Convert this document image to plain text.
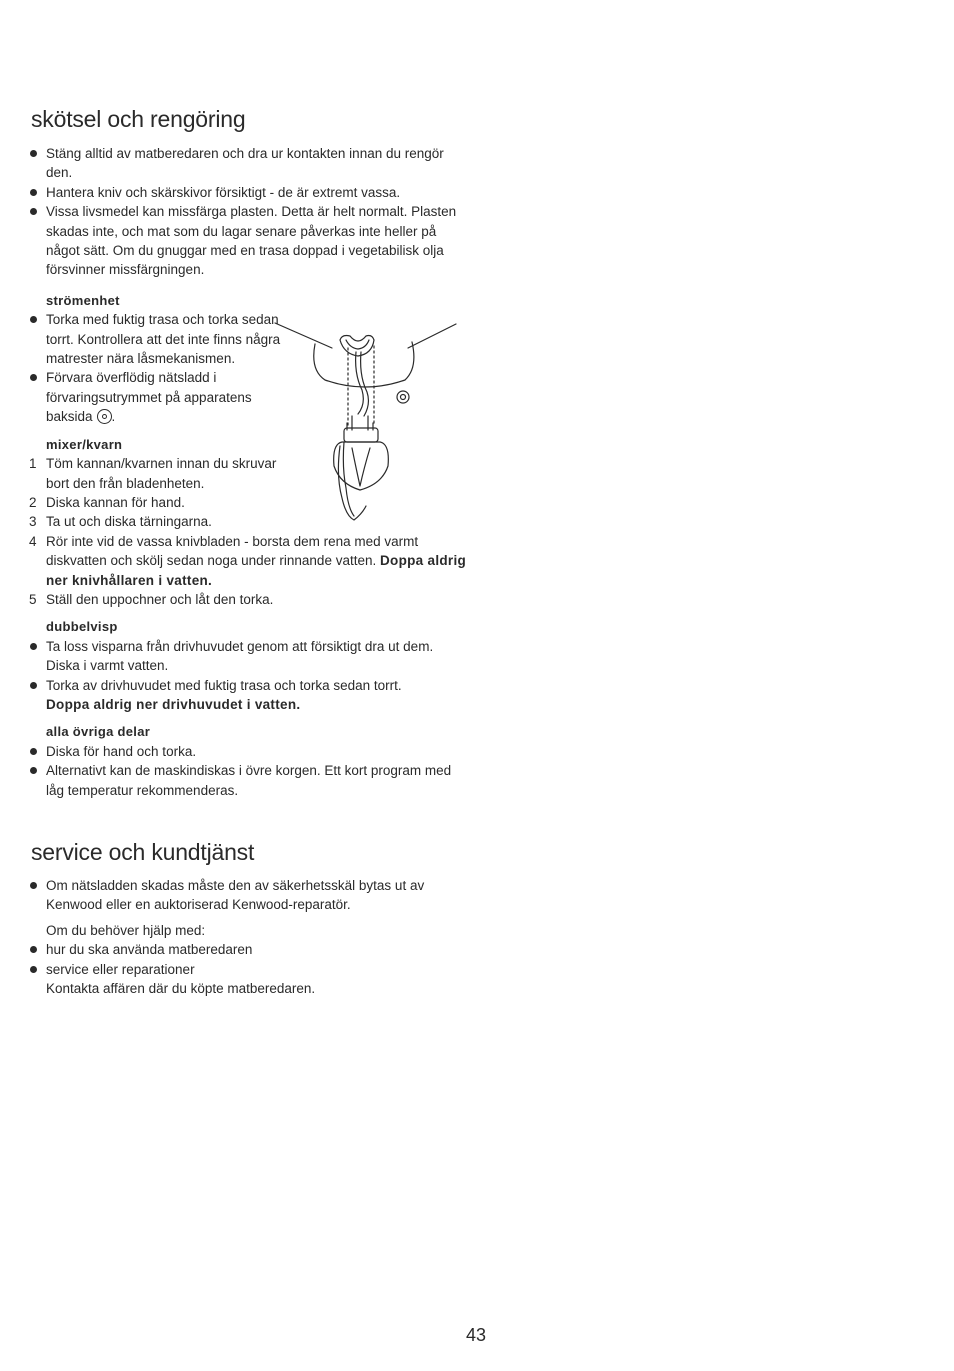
skötsel och rengöring
Stäng alltid av matberedaren och dra ur kontakten innan du rengör den.
Hantera kniv och skärskivor försiktigt - de är extremt vassa.
Vissa livsmedel kan missfärga plasten. Detta är helt normalt. Plasten skadas inte, och mat som du lagar senare påverkas inte heller på något sätt. Om du gnuggar med en trasa doppad i vegetabilisk olja försvinner missfärgningen.
strömenhet
Torka med fuktig trasa och torka sedan torrt. Kontrollera att det inte finns några matrester nära låsmekanismen.
Förvara överflödig nätsladd i förvaringsutrymmet på apparatens baksida .
mixer/kvarn
1 Töm kannan/kvarnen innan du skruvar bort den från bladenheten.
2 Diska kannan för hand.
3 Ta ut och diska tärningarna.
4 Rör inte vid de vassa knivbladen - borsta dem rena med varmt diskvatten och skölj sedan noga under rinnande vatten. Doppa aldrig ner knivhållaren i vatten.
5 Ställ den uppochner och låt den torka.
dubbelvisp
Ta loss visparna från drivhuvudet genom att försiktigt dra ut dem. Diska i varmt vatten.
Torka av drivhuvudet med fuktig trasa och torka sedan torrt.
Doppa aldrig ner drivhuvudet i vatten.
alla övriga delar
Diska för hand och torka.
Alternativt kan de maskindiskas i övre korgen. Ett kort program med låg temperatur rekommenderas.
service och kundtjänst
Om nätsladden skadas måste den av säkerhetsskäl bytas ut av Kenwood eller en auktoriserad Kenwood-reparatör.
Om du behöver hjälp med:
hur du ska använda matberedaren
service eller reparationer
Kontakta affären där du köpte matberedaren.
43
